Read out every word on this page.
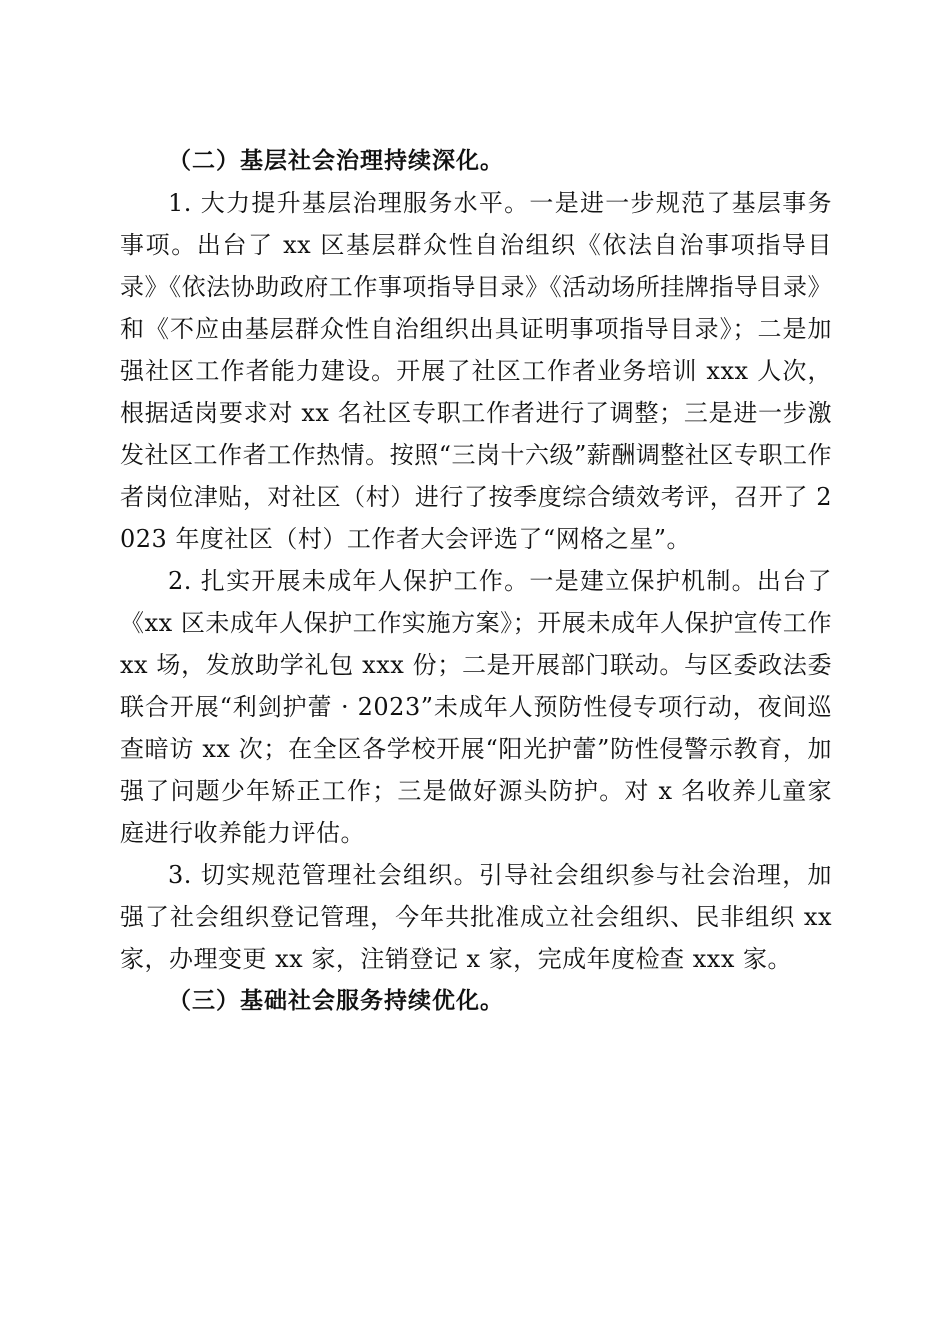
（二）基层社会治理持续深化。

1. 大力提升基层治理服务水平。一是进一步规范了基层事务事项。出台了 xx 区基层群众性自治组织《依法自治事项指导目录》《依法协助政府工作事项指导目录》《活动场所挂牌指导目录》和《不应由基层群众性自治组织出具证明事项指导目录》；二是加强社区工作者能力建设。开展了社区工作者业务培训 xxx 人次，根据适岗要求对 xx 名社区专职工作者进行了调整；三是进一步激发社区工作者工作热情。按照“三岗十六级”薪酬调整社区专职工作者岗位津贴，对社区（村）进行了按季度综合绩效考评，召开了 2023 年度社区（村）工作者大会评选了“网格之星”。

2. 扎实开展未成年人保护工作。一是建立保护机制。出台了《xx 区未成年人保护工作实施方案》；开展未成年人保护宣传工作 xx 场，发放助学礼包 xxx 份；二是开展部门联动。与区委政法委联合开展“利剑护蕾 · 2023”未成年人预防性侵专项行动，夜间巡查暗访 xx 次；在全区各学校开展“阳光护蕾”防性侵警示教育，加强了问题少年矫正工作；三是做好源头防护。对 x 名收养儿童家庭进行收养能力评估。

3. 切实规范管理社会组织。引导社会组织参与社会治理，加强了社会组织登记管理，今年共批准成立社会组织、民非组织 xx 家，办理变更 xx 家，注销登记 x 家，完成年度检查 xxx 家。

（三）基础社会服务持续优化。
